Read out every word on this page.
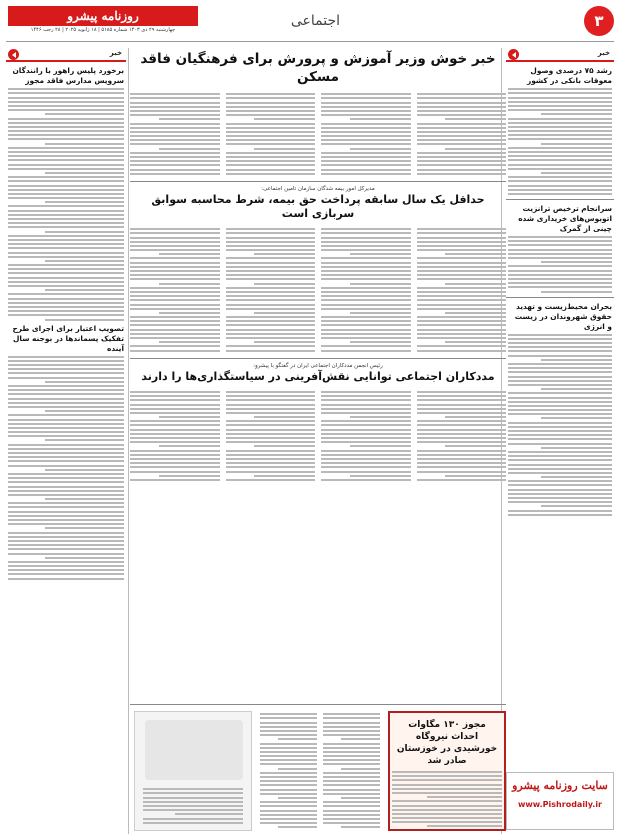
۳
اجتماعی
روزنامه پیشرو
چهارشنبه ۲۹ دی ۱۴۰۳ شماره ۵۱۸۵ | ۱۸ ژانویه ۲۰۲۵ | ۲۸ رجب ۱۴۴۶
خبر
رشد ۷۵ درصدی وصول معوقات بانکی در کشور
سرانجام ترخیص ترانزیت اتوبوس‌های خریداری شده چینی از گمرک
بحران محیط‌زیست و تهدید حقوق شهروندان در زیست و انرژی
سایت روزنامه پیشرو
www.Pishrodaily.ir
خبر
برخورد پلیس راهور با رانندگان سرویس مدارس فاقد مجوز
تصویب اعتبار برای اجرای طرح تفکیک پسماندها در بوجنه سال آینده
خبر خوش وزیر آموزش و پرورش برای فرهنگیان فاقد مسکن
مدیرکل امور بیمه شدگان سازمان تامین اجتماعی:
حداقل یک سال سابقه پرداخت حق بیمه، شرط محاسبه سوابق سربازی است
رئیس انجمن مددکاران اجتماعی ایران در گفتگو با پیشرو:
مددکاران اجتماعی توانایی نقش‌آفرینی در سیاستگذاری‌ها را دارند
مجوز ۱۳۰ مگاوات احداث نیروگاه خورشیدی در خوزستان صادر شد
